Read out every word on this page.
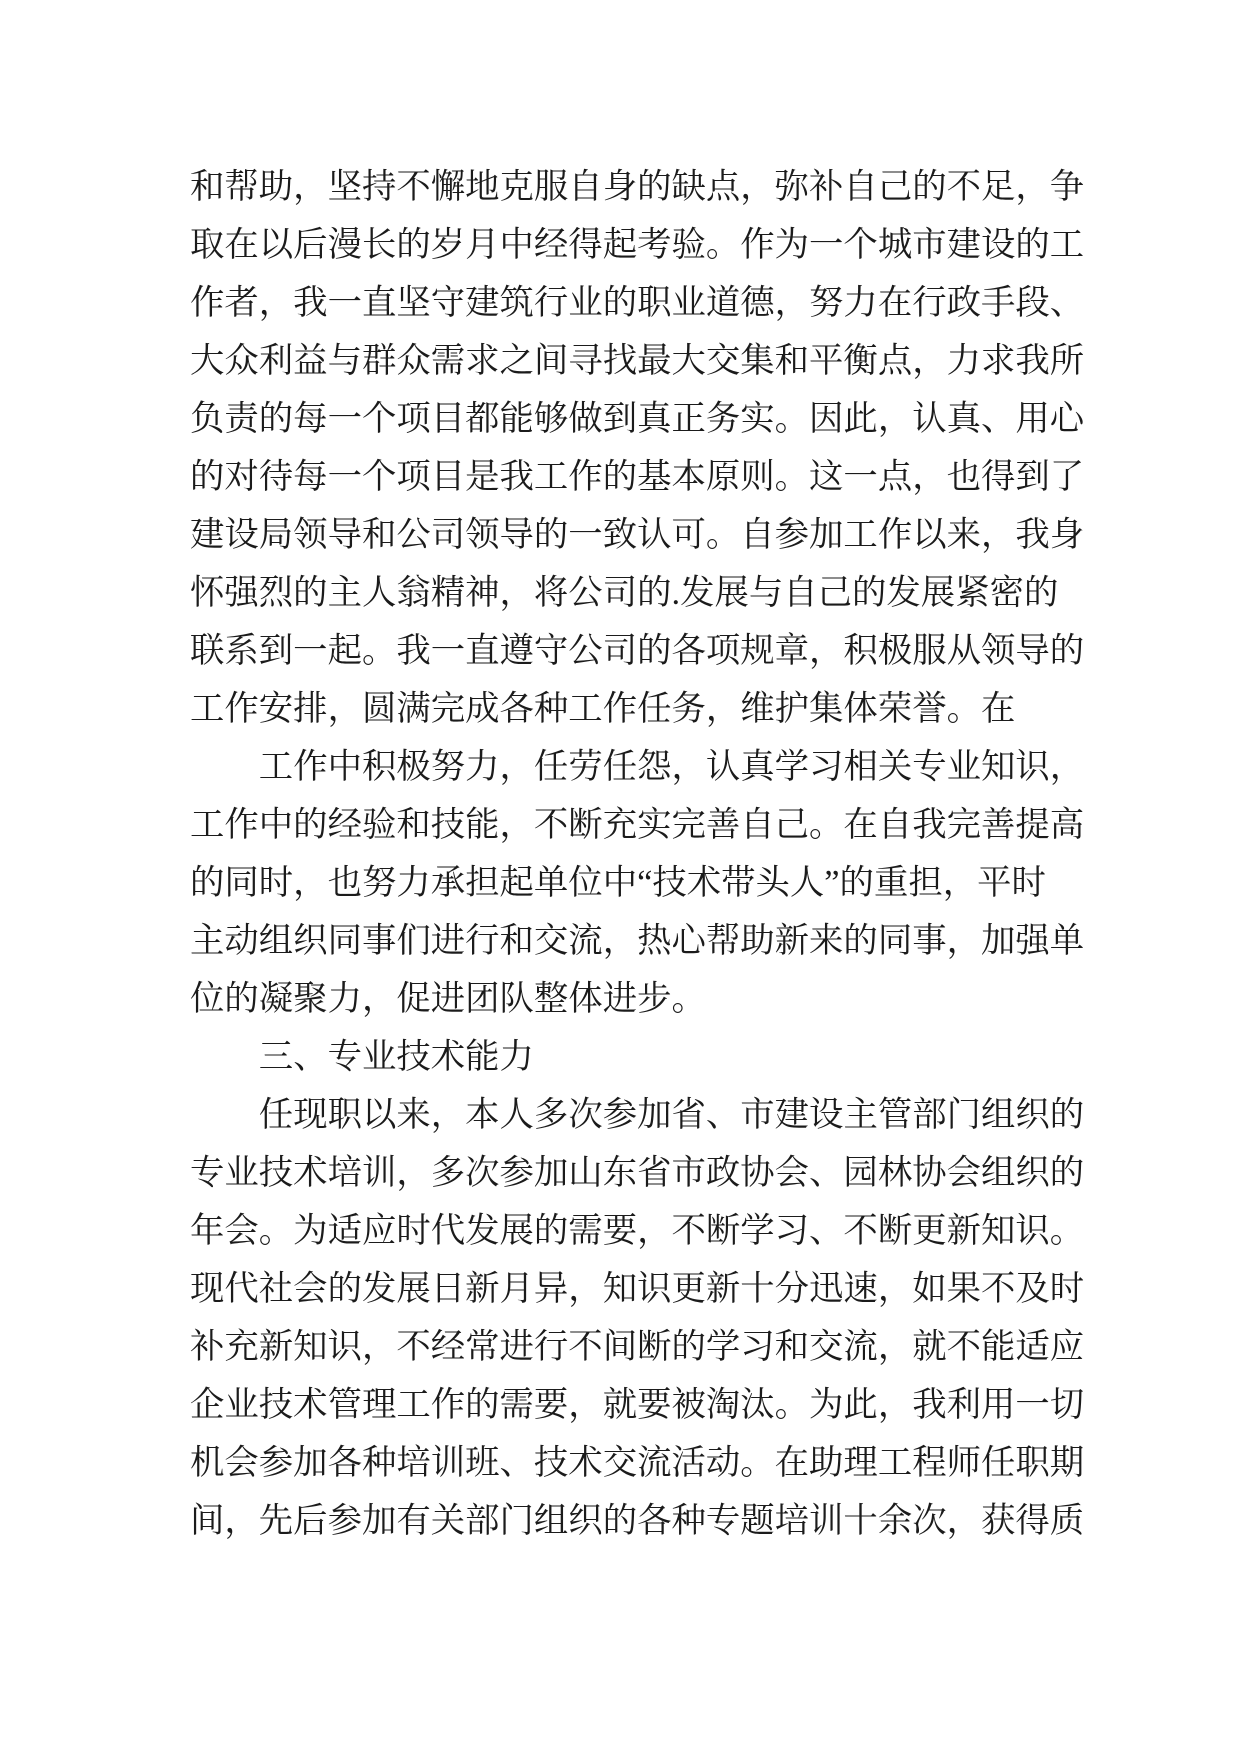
和帮助，坚持不懈地克服自身的缺点，弥补自己的不足，争
取在以后漫长的岁月中经得起考验。作为一个城市建设的工
作者，我一直坚守建筑行业的职业道德，努力在行政手段、
大众利益与群众需求之间寻找最大交集和平衡点，力求我所
负责的每一个项目都能够做到真正务实。因此，认真、用心
的对待每一个项目是我工作的基本原则。这一点，也得到了
建设局领导和公司领导的一致认可。自参加工作以来，我身
怀强烈的主人翁精神，将公司的.发展与自己的发展紧密的
联系到一起。我一直遵守公司的各项规章，积极服从领导的
工作安排，圆满完成各种工作任务，维护集体荣誉。在
工作中积极努力，任劳任怨，认真学习相关专业知识，
工作中的经验和技能，不断充实完善自己。在自我完善提高
的同时，也努力承担起单位中“技术带头人”的重担，平时
主动组织同事们进行和交流，热心帮助新来的同事，加强单
位的凝聚力，促进团队整体进步。
三、专业技术能力
任现职以来，本人多次参加省、市建设主管部门组织的
专业技术培训，多次参加山东省市政协会、园林协会组织的
年会。为适应时代发展的需要，不断学习、不断更新知识。
现代社会的发展日新月异，知识更新十分迅速，如果不及时
补充新知识，不经常进行不间断的学习和交流，就不能适应
企业技术管理工作的需要，就要被淘汰。为此，我利用一切
机会参加各种培训班、技术交流活动。在助理工程师任职期
间，先后参加有关部门组织的各种专题培训十余次，获得质
